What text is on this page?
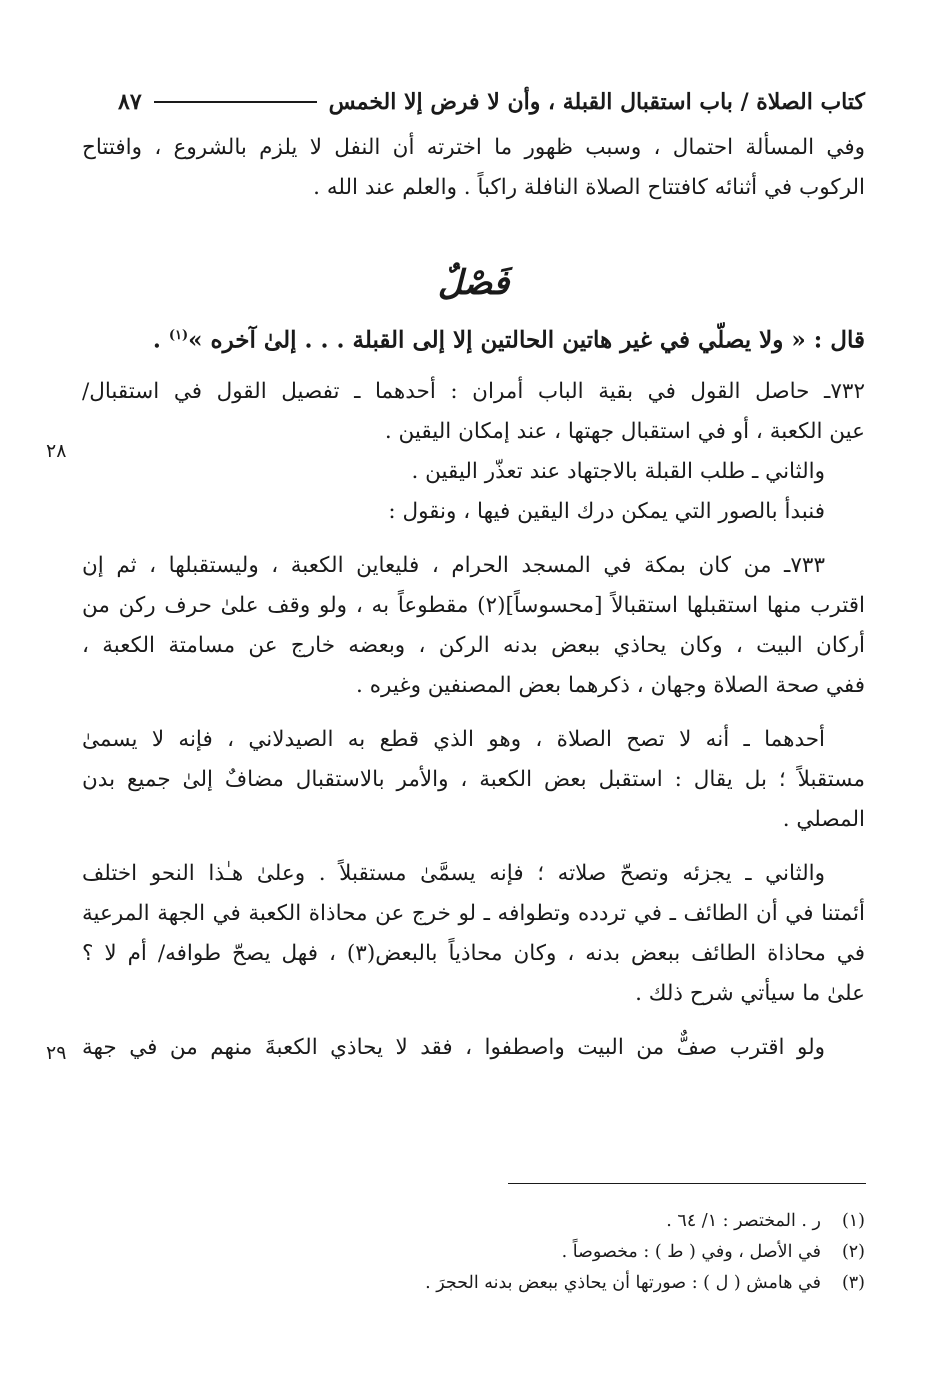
كتاب الصلاة / باب استقبال القبلة ، وأن لا فرض إلا الخمس
٨٧
وفي المسألة احتمال ، وسبب ظهور ما اخترته أن النفل لا يلزم بالشروع ، وافتتاح
الركوب في أثنائه كافتتاح الصلاة النافلة راكباً . والعلم عند الله .
فَصْلٌ
قال : « ولا يصلّي في غير هاتين الحالتين إلا إلى القبلة . . . إلىٰ آخره »$^{(١)}$ .
٧٣٢ـ حاصل القول في بقية الباب أمران : أحدهما ـ تفصيل القول في استقبال/
عين الكعبة ، أو في استقبال جهتها ، عند إمكان اليقين .
والثاني ـ طلب القبلة بالاجتهاد عند تعذّر اليقين .
فنبدأ بالصور التي يمكن درك اليقين فيها ، ونقول :
٧٣٣ـ من كان بمكة في المسجد الحرام ، فليعاين الكعبة ، وليستقبلها ، ثم إن
اقترب منها استقبلها استقبالاً [محسوساً](٢) مقطوعاً به ، ولو وقف علىٰ حرف ركن من
أركان البيت ، وكان يحاذي ببعض بدنه الركن ، وبعضه خارج عن مسامتة الكعبة ،
ففي صحة الصلاة وجهان ، ذكرهما بعض المصنفين وغيره .
أحدهما ـ أنه لا تصح الصلاة ، وهو الذي قطع به الصيدلاني ، فإنه لا يسمىٰ
مستقبلاً ؛ بل يقال : استقبل بعض الكعبة ، والأمر بالاستقبال مضافٌ إلىٰ جميع بدن
المصلي .
والثاني ـ يجزئه وتصحّ صلاته ؛ فإنه يسمَّىٰ مستقبلاً . وعلىٰ هـٰذا النحو اختلف
أئمتنا في أن الطائف ـ في تردده وتطوافه ـ لو خرج عن محاذاة الكعبة في الجهة المرعية
في محاذاة الطائف ببعض بدنه ، وكان محاذياً بالبعض(٣) ، فهل يصحّ طوافه/ أم لا ؟
علىٰ ما سيأتي شرح ذلك .
ولو اقترب صفٌّ من البيت واصطفوا ، فقد لا يحاذي الكعبةَ منهم من في جهة
٢٨
٢٩
(١)ر . المختصر : ١/ ٦٤ .
(٢)في الأصل ، وفي ( ط ) : مخصوصاً .
(٣)في هامش ( ل ) : صورتها أن يحاذي ببعض بدنه الحجرَ .
